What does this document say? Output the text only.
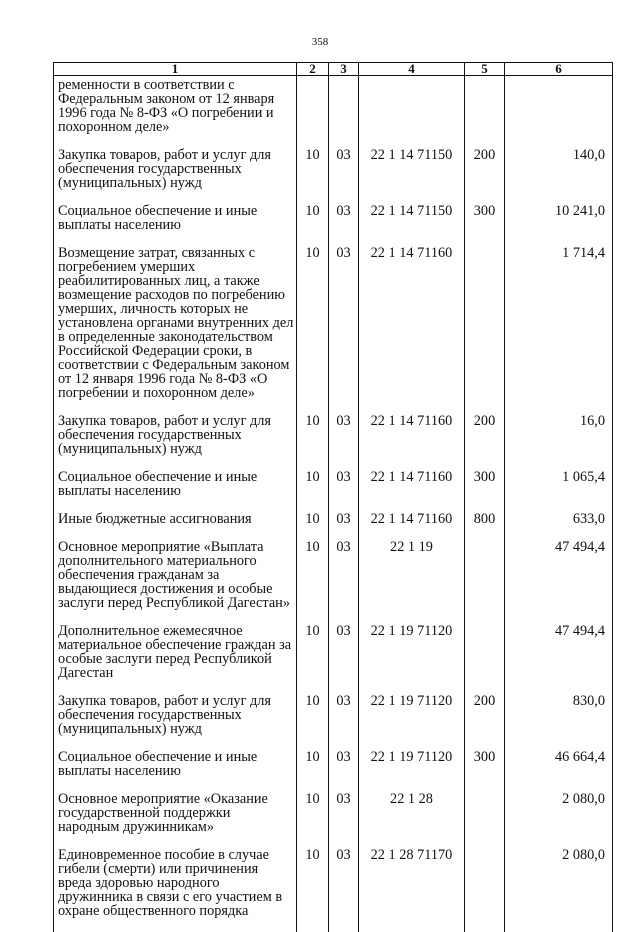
358
1	2	3	4	5	6
ременности в соответствии с Федеральным законом от 12 января 1996 года № 8-ФЗ «О погребении и похоронном деле»					
Закупка товаров, работ и услуг для обеспечения государственных (муниципальных) нужд	10	03	22 1 14 71150	200	140,0
Социальное обеспечение и иные выплаты населению	10	03	22 1 14 71150	300	10 241,0
Возмещение затрат, связанных с погребением умерших реабилитированных лиц, а также возмещение расходов по погребению умерших, личность которых не установлена органами внутренних дел в определенные законодательством Российской Федерации сроки, в соответствии с Федеральным законом от 12 января 1996 года № 8-ФЗ «О погребении и похоронном деле»	10	03	22 1 14 71160		1 714,4
Закупка товаров, работ и услуг для обеспечения государственных (муниципальных) нужд	10	03	22 1 14 71160	200	16,0
Социальное обеспечение и иные выплаты населению	10	03	22 1 14 71160	300	1 065,4
Иные бюджетные ассигнования	10	03	22 1 14 71160	800	633,0
Основное мероприятие «Выплата дополнительного материального обеспечения гражданам за выдающиеся достижения и особые заслуги перед Республикой Дагестан»	10	03	22 1 19		47 494,4
Дополнительное ежемесячное материальное обеспечение граждан за особые заслуги перед Республикой Дагестан	10	03	22 1 19 71120		47 494,4
Закупка товаров, работ и услуг для обеспечения государственных (муниципальных) нужд	10	03	22 1 19 71120	200	830,0
Социальное обеспечение и иные выплаты населению	10	03	22 1 19 71120	300	46 664,4
Основное мероприятие «Оказание государственной поддержки народным дружинникам»	10	03	22 1 28		2 080,0
Единовременное пособие в случае гибели (смерти) или причинения вреда здоровью народного дружинника в связи с его участием в охране общественного порядка	10	03	22 1 28 71170		2 080,0
